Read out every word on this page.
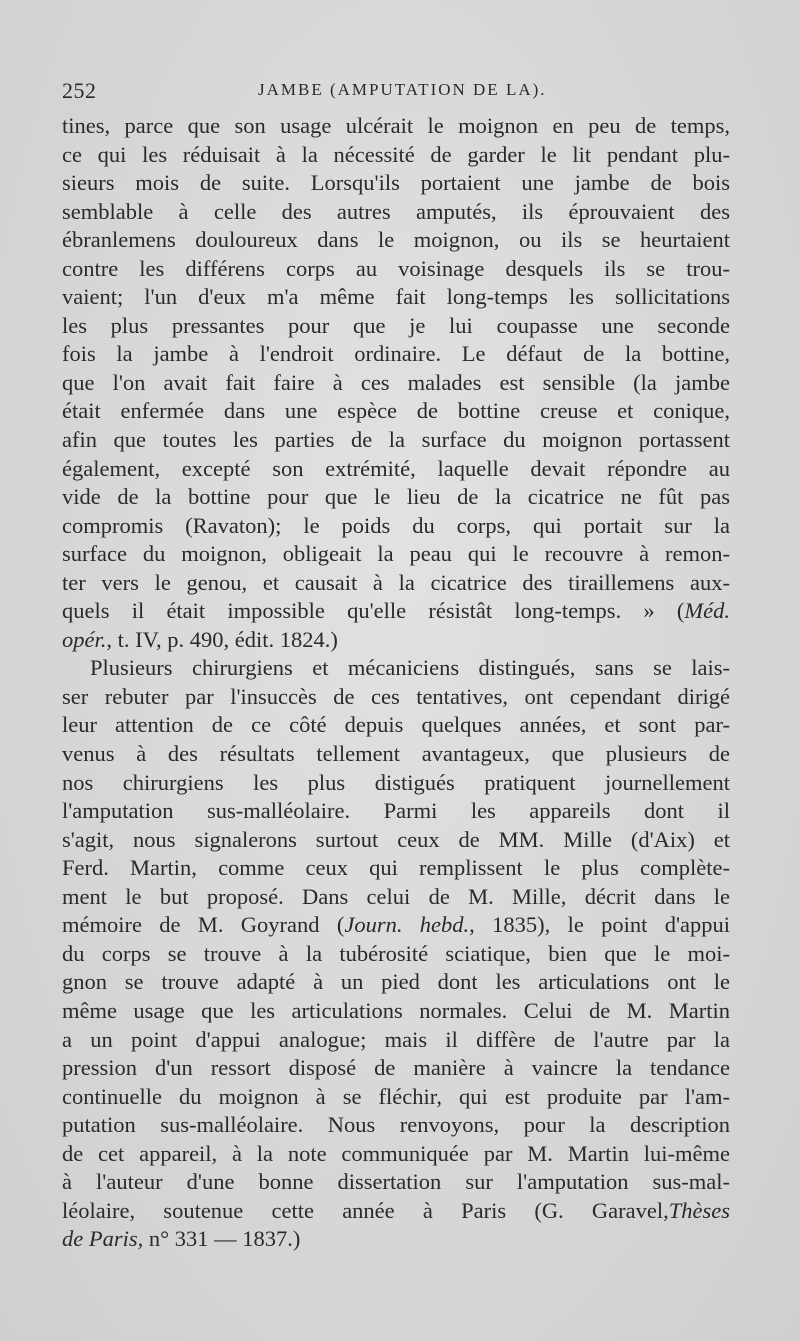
252	JAMBE (AMPUTATION DE LA).
tines, parce que son usage ulcérait le moignon en peu de temps,
ce qui les réduisait à la nécessité de garder le lit pendant plu-
sieurs mois de suite. Lorsqu'ils portaient une jambe de bois
semblable à celle des autres amputés, ils éprouvaient des
ébranlemens douloureux dans le moignon, ou ils se heurtaient
contre les différens corps au voisinage desquels ils se trou-
vaient; l'un d'eux m'a même fait long-temps les sollicitations
les plus pressantes pour que je lui coupasse une seconde
fois la jambe à l'endroit ordinaire. Le défaut de la bottine,
que l'on avait fait faire à ces malades est sensible (la jambe
était enfermée dans une espèce de bottine creuse et conique,
afin que toutes les parties de la surface du moignon portassent
également, excepté son extrémité, laquelle devait répondre au
vide de la bottine pour que le lieu de la cicatrice ne fût pas
compromis (Ravaton); le poids du corps, qui portait sur la
surface du moignon, obligeait la peau qui le recouvre à remon-
ter vers le genou, et causait à la cicatrice des tiraillemens aux-
quels il était impossible qu'elle résistât long-temps. » (Méd.
opér., t. IV, p. 490, édit. 1824.)
Plusieurs chirurgiens et mécaniciens distingués, sans se lais-
ser rebuter par l'insuccès de ces tentatives, ont cependant dirigé
leur attention de ce côté depuis quelques années, et sont par-
venus à des résultats tellement avantageux, que plusieurs de
nos chirurgiens les plus distigués pratiquent journellement
l'amputation sus-malléolaire. Parmi les appareils dont il
s'agit, nous signalerons surtout ceux de MM. Mille (d'Aix) et
Ferd. Martin, comme ceux qui remplissent le plus complète-
ment le but proposé. Dans celui de M. Mille, décrit dans le
mémoire de M. Goyrand (Journ. hebd., 1835), le point d'appui
du corps se trouve à la tubérosité sciatique, bien que le moi-
gnon se trouve adapté à un pied dont les articulations ont le
même usage que les articulations normales. Celui de M. Martin
a un point d'appui analogue; mais il diffère de l'autre par la
pression d'un ressort disposé de manière à vaincre la tendance
continuelle du moignon à se fléchir, qui est produite par l'am-
putation sus-malléolaire. Nous renvoyons, pour la description
de cet appareil, à la note communiquée par M. Martin lui-même
à l'auteur d'une bonne dissertation sur l'amputation sus-mal-
léolaire, soutenue cette année à Paris (G. Garavel,Thèses
de Paris, n° 331 — 1837.)
